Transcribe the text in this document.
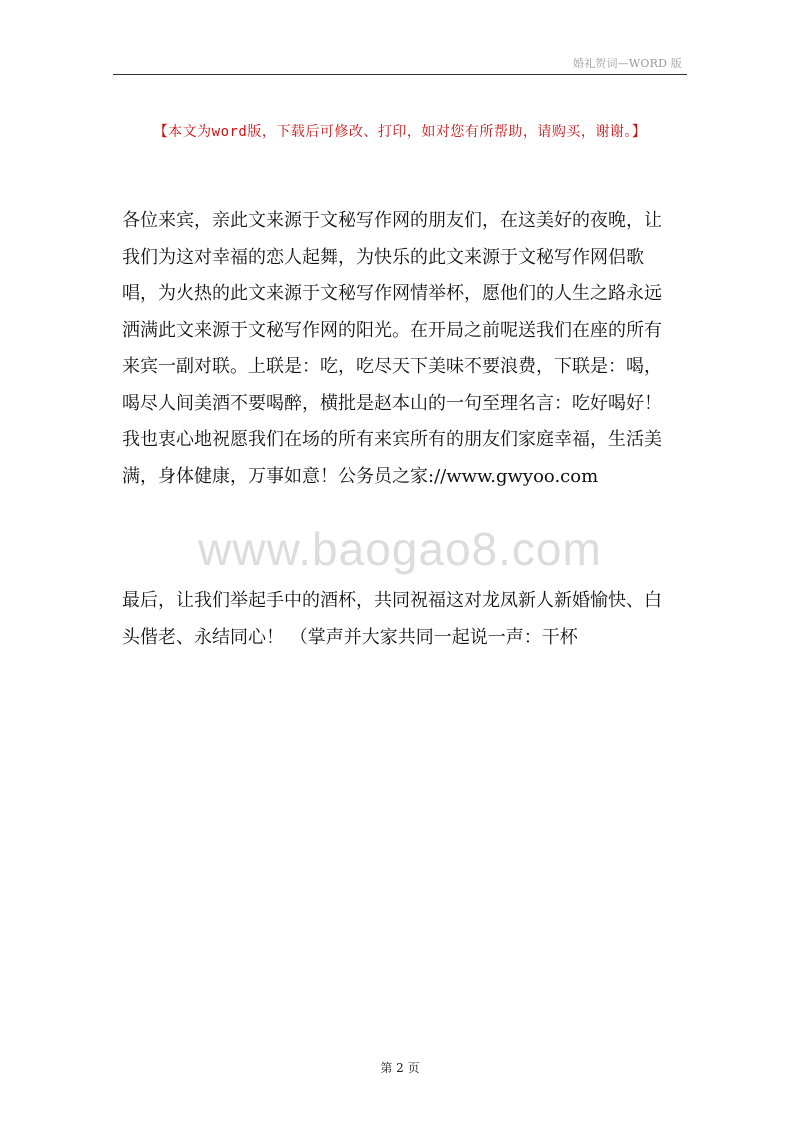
婚礼贺词—WORD 版
【本文为word版，下载后可修改、打印，如对您有所帮助，请购买，谢谢。】
www.baogao8.com
各位来宾，亲此文来源于文秘写作网的朋友们，在这美好的夜晚，让
我们为这对幸福的恋人起舞，为快乐的此文来源于文秘写作网侣歌
唱，为火热的此文来源于文秘写作网情举杯，愿他们的人生之路永远
洒满此文来源于文秘写作网的阳光。在开局之前呢送我们在座的所有
来宾一副对联。上联是：吃，吃尽天下美味不要浪费，下联是：喝，
喝尽人间美酒不要喝醉，横批是赵本山的一句至理名言：吃好喝好！
我也衷心地祝愿我们在场的所有来宾所有的朋友们家庭幸福，生活美
满，身体健康，万事如意！公务员之家://www.gwyoo.com
最后，让我们举起手中的酒杯，共同祝福这对龙凤新人新婚愉快、白
头偕老、永结同心！ （掌声并大家共同一起说一声：干杯
第 2 页
